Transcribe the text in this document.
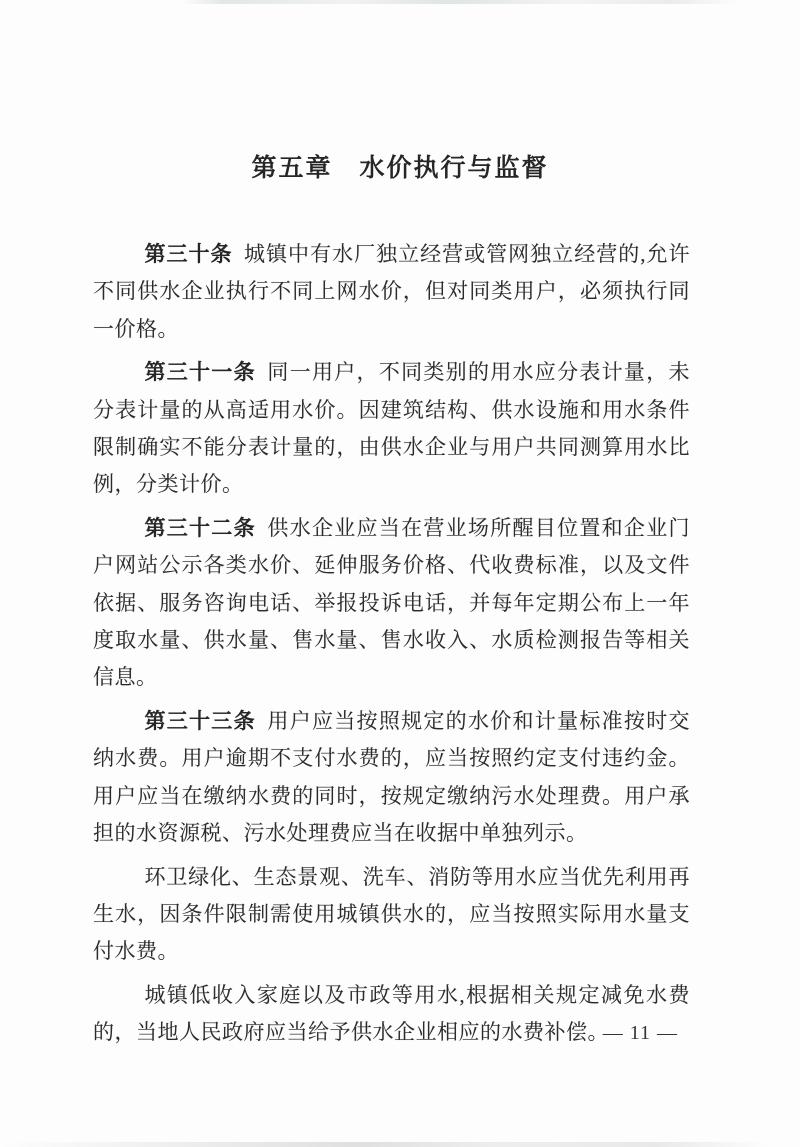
第五章　水价执行与监督

第三十条 城镇中有水厂独立经营或管网独立经营的,允许不同供水企业执行不同上网水价，但对同类用户，必须执行同一价格。

第三十一条 同一用户，不同类别的用水应分表计量，未分表计量的从高适用水价。因建筑结构、供水设施和用水条件限制确实不能分表计量的，由供水企业与用户共同测算用水比例，分类计价。

第三十二条 供水企业应当在营业场所醒目位置和企业门户网站公示各类水价、延伸服务价格、代收费标准，以及文件依据、服务咨询电话、举报投诉电话，并每年定期公布上一年度取水量、供水量、售水量、售水收入、水质检测报告等相关信息。

第三十三条 用户应当按照规定的水价和计量标准按时交纳水费。用户逾期不支付水费的，应当按照约定支付违约金。用户应当在缴纳水费的同时，按规定缴纳污水处理费。用户承担的水资源税、污水处理费应当在收据中单独列示。

环卫绿化、生态景观、洗车、消防等用水应当优先利用再生水，因条件限制需使用城镇供水的，应当按照实际用水量支付水费。

城镇低收入家庭以及市政等用水,根据相关规定减免水费的，当地人民政府应当给予供水企业相应的水费补偿。

— 11 —
